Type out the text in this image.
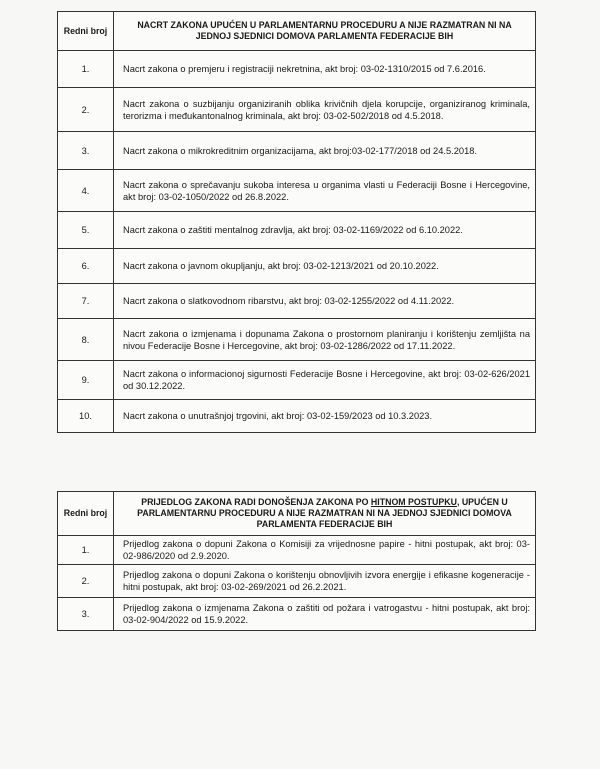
Redni broj	NACRT ZAKONA UPUĆEN U PARLAMENTARNU PROCEDURU A NIJE RAZMATRAN NI NA JEDNOJ SJEDNICI DOMOVA PARLAMENTA FEDERACIJE BIH
1.	Nacrt zakona o premjeru i registraciji nekretnina, akt broj: 03-02-1310/2015 od 7.6.2016.
2.	Nacrt zakona o suzbijanju organiziranih oblika krivičnih djela korupcije, organiziranog kriminala, terorizma i međukantonalnog kriminala, akt broj: 03-02-502/2018 od 4.5.2018.
3.	Nacrt zakona o mikrokreditnim organizacijama, akt broj:03-02-177/2018 od 24.5.2018.
4.	Nacrt zakona o sprečavanju sukoba interesa u organima vlasti u Federaciji Bosne i Hercegovine, akt broj: 03-02-1050/2022 od 26.8.2022.
5.	Nacrt zakona o zaštiti mentalnog zdravlja, akt broj: 03-02-1169/2022 od 6.10.2022.
6.	Nacrt zakona o javnom okupljanju, akt broj: 03-02-1213/2021 od 20.10.2022.
7.	Nacrt zakona o slatkovodnom ribarstvu, akt broj: 03-02-1255/2022 od 4.11.2022.
8.	Nacrt zakona o izmjenama i dopunama Zakona o prostornom planiranju i korištenju zemljišta na nivou Federacije Bosne i Hercegovine, akt broj: 03-02-1286/2022 od 17.11.2022.
9.	Nacrt zakona o informacionoj sigurnosti Federacije Bosne i Hercegovine, akt broj: 03-02-626/2021 od 30.12.2022.
10.	Nacrt zakona o unutrašnjoj trgovini, akt broj: 03-02-159/2023 od 10.3.2023.
Redni broj	PRIJEDLOG ZAKONA RADI DONOŠENJA ZAKONA PO HITNOM POSTUPKU, UPUĆEN U PARLAMENTARNU PROCEDURU A NIJE RAZMATRAN NI NA JEDNOJ SJEDNICI DOMOVA PARLAMENTA FEDERACIJE BIH
1.	Prijedlog zakona o dopuni Zakona o Komisiji za vrijednosne papire - hitni postupak, akt broj: 03-02-986/2020 od 2.9.2020.
2.	Prijedlog zakona o dopuni Zakona o korištenju obnovljivih izvora energije i efikasne kogeneracije - hitni postupak, akt broj: 03-02-269/2021 od 26.2.2021.
3.	Prijedlog zakona o izmjenama Zakona o zaštiti od požara i vatrogastvu - hitni postupak, akt broj: 03-02-904/2022 od 15.9.2022.
